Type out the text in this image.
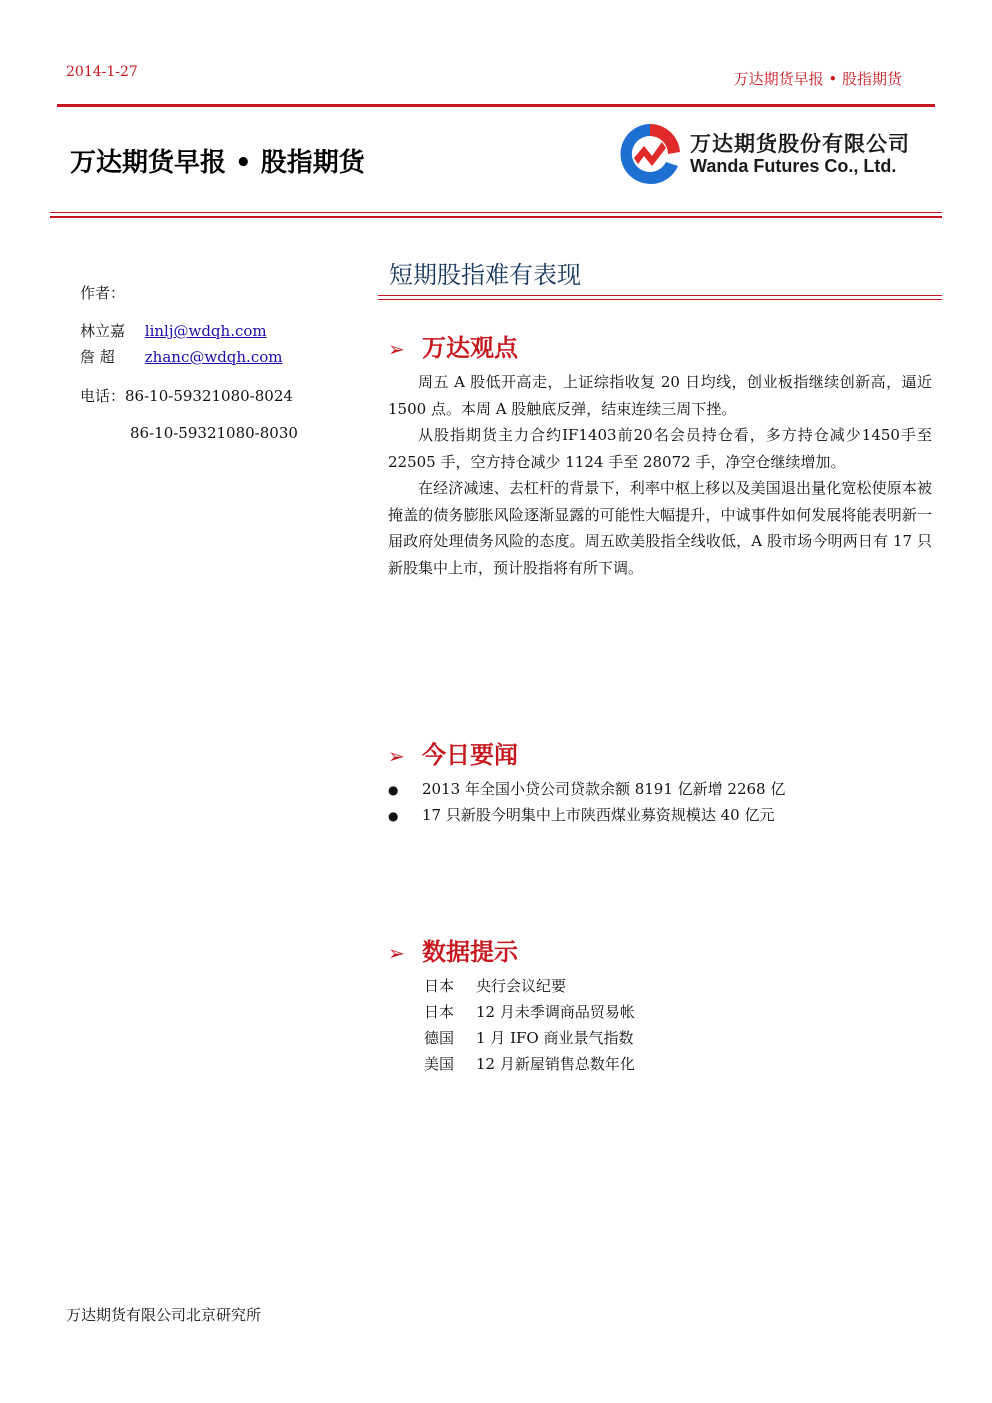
2014-1-27	万达期货早报 • 股指期货
万达期货早报 • 股指期货
万达期货股份有限公司
Wanda Futures Co., Ltd.
作者：
林立嘉 linlj@wdqh.com
詹 超 zhanc@wdqh.com
电话：86-10-59321080-8024
86-10-59321080-8030
短期股指难有表现
➢ 万达观点

周五 A 股低开高走，上证综指收复 20 日均线，创业板指继续创新高，逼近 1500 点。本周 A 股触底反弹，结束连续三周下挫。

从股指期货主力合约IF1403前20名会员持仓看，多方持仓减少1450手至 22505 手，空方持仓减少 1124 手至 28072 手，净空仓继续增加。

在经济减速、去杠杆的背景下，利率中枢上移以及美国退出量化宽松使原本被掩盖的债务膨胀风险逐渐显露的可能性大幅提升，中诚事件如何发展将能表明新一届政府处理债务风险的态度。周五欧美股指全线收低，A 股市场今明两日有 17 只新股集中上市，预计股指将有所下调。

➢ 今日要闻
● 2013 年全国小贷公司贷款余额 8191 亿新增 2268 亿
● 17 只新股今明集中上市陕西煤业募资规模达 40 亿元
➢ 数据提示
日本 央行会议纪要
日本 12 月未季调商品贸易帐
德国 1 月 IFO 商业景气指数
美国 12 月新屋销售总数年化
万达期货有限公司北京研究所
